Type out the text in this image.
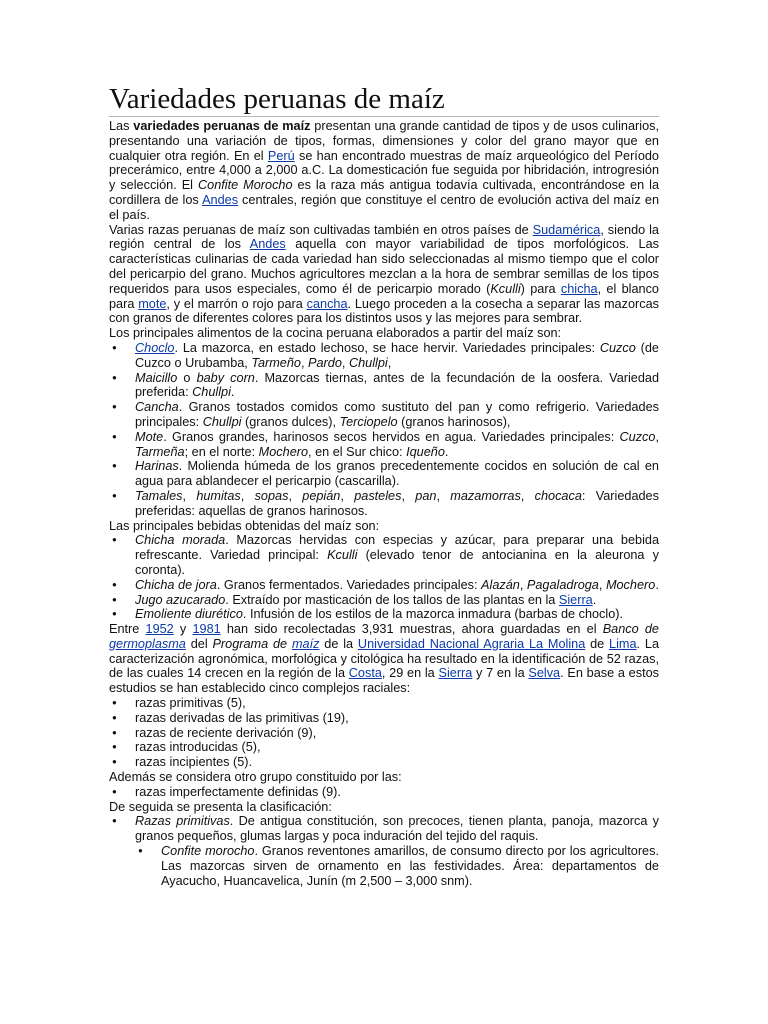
Variedades peruanas de maíz

Las variedades peruanas de maíz presentan una grande cantidad de tipos y de usos culinarios, presentando una variación de tipos, formas, dimensiones y color del grano mayor que en cualquier otra región. En el Perú se han encontrado muestras de maíz arqueológico del Período precerámico, entre 4,000 a 2,000 a.C. La domesticación fue seguida por hibridación, introgresión y selección. El Confite Morocho es la raza más antigua todavía cultivada, encontrándose en la cordillera de los Andes centrales, región que constituye el centro de evolución activa del maíz en el país.

Varias razas peruanas de maíz son cultivadas también en otros países de Sudamérica, siendo la región central de los Andes aquella con mayor variabilidad de tipos morfológicos. Las características culinarias de cada variedad han sido seleccionadas al mismo tiempo que el color del pericarpio del grano. Muchos agricultores mezclan a la hora de sembrar semillas de los tipos requeridos para usos especiales, como él de pericarpio morado (Kculli) para chicha, el blanco para mote, y el marrón o rojo para cancha. Luego proceden a la cosecha a separar las mazorcas con granos de diferentes colores para los distintos usos y las mejores para sembrar.

Los principales alimentos de la cocina peruana elaborados a partir del maíz son:

● Choclo. La mazorca, en estado lechoso, se hace hervir. Variedades principales: Cuzco (de Cuzco o Urubamba, Tarmeño, Pardo, Chullpi,
● Maicillo o baby corn. Mazorcas tiernas, antes de la fecundación de la oosfera. Variedad preferida: Chullpi.
● Cancha. Granos tostados comidos como sustituto del pan y como refrigerio. Variedades principales: Chullpi (granos dulces), Terciopelo (granos harinosos),
● Mote. Granos grandes, harinosos secos hervidos en agua. Variedades principales: Cuzco, Tarmeña; en el norte: Mochero, en el Sur chico: Iqueño.
● Harinas. Molienda húmeda de los granos precedentemente cocidos en solución de cal en agua para ablandecer el pericarpio (cascarilla).
● Tamales, humitas, sopas, pepián, pasteles, pan, mazamorras, chocaca: Variedades preferidas: aquellas de granos harinosos.

Las principales bebidas obtenidas del maíz son:

● Chicha morada. Mazorcas hervidas con especias y azúcar, para preparar una bebida refrescante. Variedad principal: Kculli (elevado tenor de antocianina en la aleurona y coronta).
● Chicha de jora. Granos fermentados. Variedades principales: Alazán, Pagaladroga, Mochero.
● Jugo azucarado. Extraído por masticación de los tallos de las plantas en la Sierra.
● Emoliente diurético. Infusión de los estilos de la mazorca inmadura (barbas de choclo).

Entre 1952 y 1981 han sido recolectadas 3,931 muestras, ahora guardadas en el Banco de germoplasma del Programa de maíz de la Universidad Nacional Agraria La Molina de Lima. La caracterización agronómica, morfológica y citológica ha resultado en la identificación de 52 razas, de las cuales 14 crecen en la región de la Costa, 29 en la Sierra y 7 en la Selva. En base a estos estudios se han establecido cinco complejos raciales:

● razas primitivas (5),
● razas derivadas de las primitivas (19),
● razas de reciente derivación (9),
● razas introducidas (5),
● razas incipientes (5).

Además se considera otro grupo constituido por las:

● razas imperfectamente definidas (9).

De seguida se presenta la clasificación:

● Razas primitivas. De antigua constitución, son precoces, tienen planta, panoja, mazorca y granos pequeños, glumas largas y poca induración del tejido del raquis.
● Confite morocho. Granos reventones amarillos, de consumo directo por los agricultores. Las mazorcas sirven de ornamento en las festividades. Área: departamentos de Ayacucho, Huancavelica, Junín (m 2,500 – 3,000 snm).
